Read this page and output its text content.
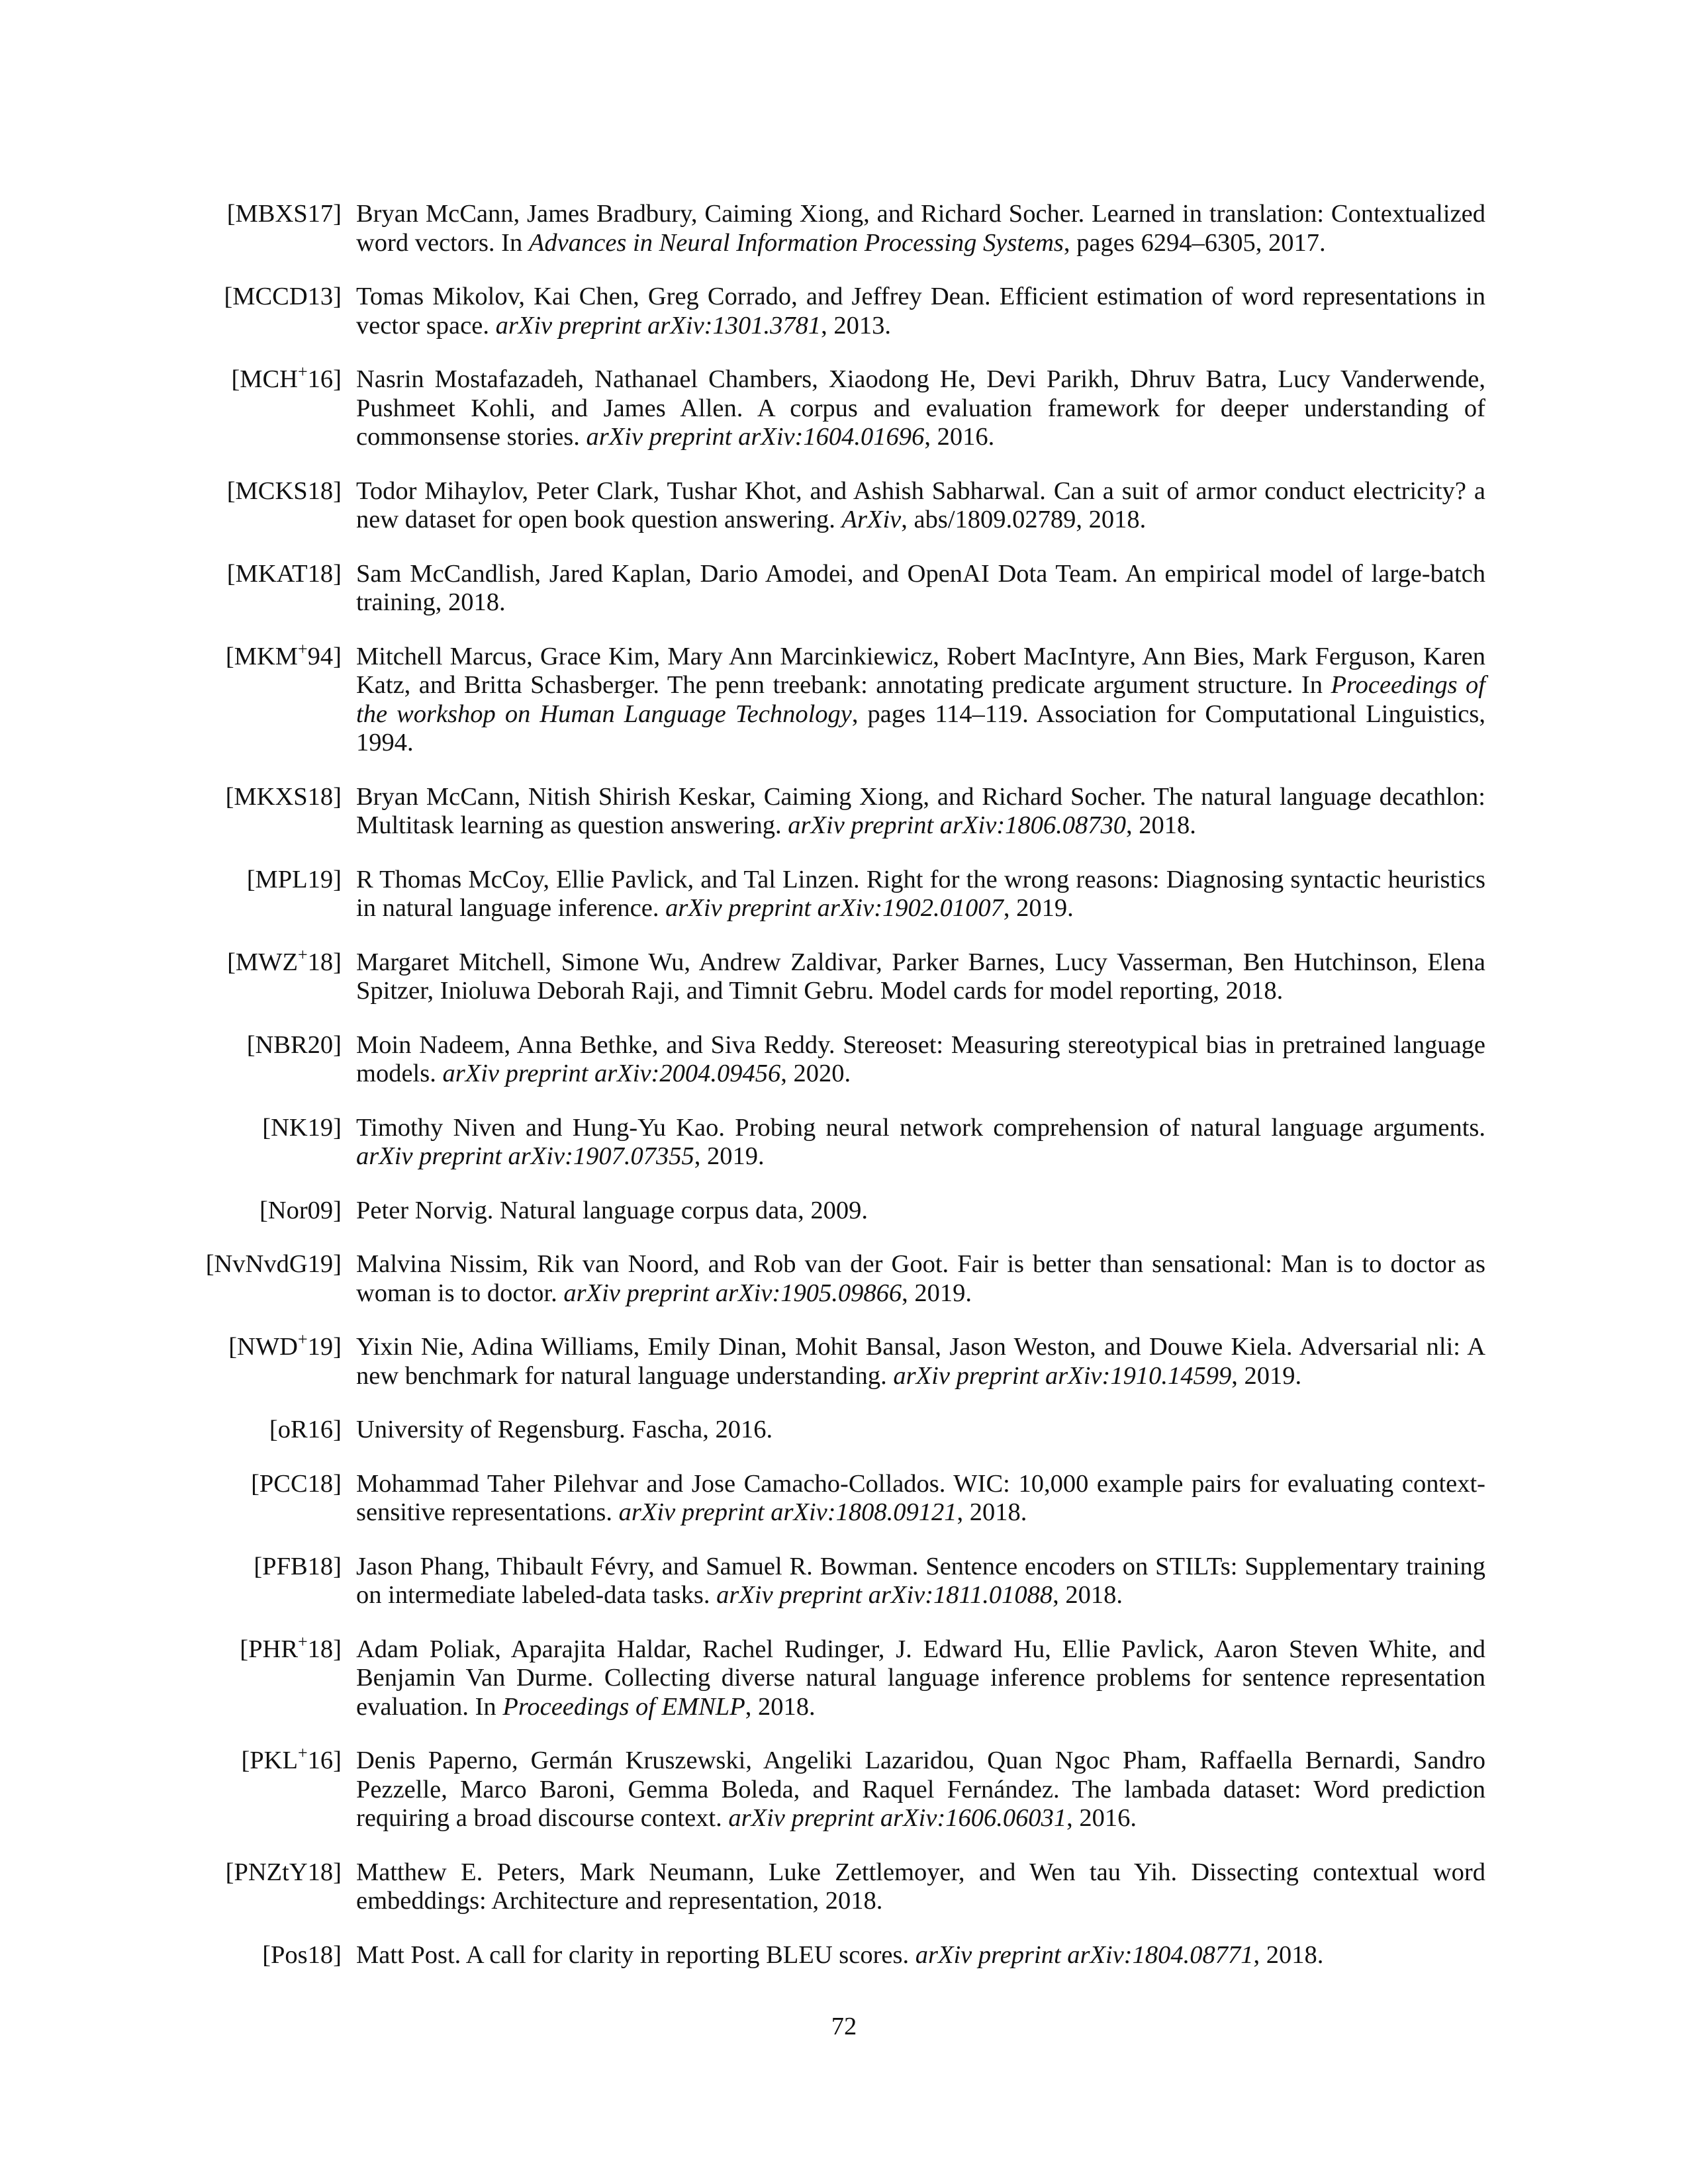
[MBXS17] Bryan McCann, James Bradbury, Caiming Xiong, and Richard Socher. Learned in translation: Contextualized word vectors. In Advances in Neural Information Processing Systems, pages 6294–6305, 2017.
[MCCD13] Tomas Mikolov, Kai Chen, Greg Corrado, and Jeffrey Dean. Efficient estimation of word representations in vector space. arXiv preprint arXiv:1301.3781, 2013.
[MCH+16] Nasrin Mostafazadeh, Nathanael Chambers, Xiaodong He, Devi Parikh, Dhruv Batra, Lucy Vanderwende, Pushmeet Kohli, and James Allen. A corpus and evaluation framework for deeper understanding of commonsense stories. arXiv preprint arXiv:1604.01696, 2016.
[MCKS18] Todor Mihaylov, Peter Clark, Tushar Khot, and Ashish Sabharwal. Can a suit of armor conduct electricity? a new dataset for open book question answering. ArXiv, abs/1809.02789, 2018.
[MKAT18] Sam McCandlish, Jared Kaplan, Dario Amodei, and OpenAI Dota Team. An empirical model of large-batch training, 2018.
[MKM+94] Mitchell Marcus, Grace Kim, Mary Ann Marcinkiewicz, Robert MacIntyre, Ann Bies, Mark Ferguson, Karen Katz, and Britta Schasberger. The penn treebank: annotating predicate argument structure. In Proceedings of the workshop on Human Language Technology, pages 114–119. Association for Computational Linguistics, 1994.
[MKXS18] Bryan McCann, Nitish Shirish Keskar, Caiming Xiong, and Richard Socher. The natural language decathlon: Multitask learning as question answering. arXiv preprint arXiv:1806.08730, 2018.
[MPL19] R Thomas McCoy, Ellie Pavlick, and Tal Linzen. Right for the wrong reasons: Diagnosing syntactic heuristics in natural language inference. arXiv preprint arXiv:1902.01007, 2019.
[MWZ+18] Margaret Mitchell, Simone Wu, Andrew Zaldivar, Parker Barnes, Lucy Vasserman, Ben Hutchinson, Elena Spitzer, Inioluwa Deborah Raji, and Timnit Gebru. Model cards for model reporting, 2018.
[NBR20] Moin Nadeem, Anna Bethke, and Siva Reddy. Stereoset: Measuring stereotypical bias in pretrained language models. arXiv preprint arXiv:2004.09456, 2020.
[NK19] Timothy Niven and Hung-Yu Kao. Probing neural network comprehension of natural language arguments. arXiv preprint arXiv:1907.07355, 2019.
[Nor09] Peter Norvig. Natural language corpus data, 2009.
[NvNvdG19] Malvina Nissim, Rik van Noord, and Rob van der Goot. Fair is better than sensational: Man is to doctor as woman is to doctor. arXiv preprint arXiv:1905.09866, 2019.
[NWD+19] Yixin Nie, Adina Williams, Emily Dinan, Mohit Bansal, Jason Weston, and Douwe Kiela. Adversarial nli: A new benchmark for natural language understanding. arXiv preprint arXiv:1910.14599, 2019.
[oR16] University of Regensburg. Fascha, 2016.
[PCC18] Mohammad Taher Pilehvar and Jose Camacho-Collados. WIC: 10,000 example pairs for evaluating context-sensitive representations. arXiv preprint arXiv:1808.09121, 2018.
[PFB18] Jason Phang, Thibault Févry, and Samuel R. Bowman. Sentence encoders on STILTs: Supplementary training on intermediate labeled-data tasks. arXiv preprint arXiv:1811.01088, 2018.
[PHR+18] Adam Poliak, Aparajita Haldar, Rachel Rudinger, J. Edward Hu, Ellie Pavlick, Aaron Steven White, and Benjamin Van Durme. Collecting diverse natural language inference problems for sentence representation evaluation. In Proceedings of EMNLP, 2018.
[PKL+16] Denis Paperno, Germán Kruszewski, Angeliki Lazaridou, Quan Ngoc Pham, Raffaella Bernardi, Sandro Pezzelle, Marco Baroni, Gemma Boleda, and Raquel Fernández. The lambada dataset: Word prediction requiring a broad discourse context. arXiv preprint arXiv:1606.06031, 2016.
[PNZtY18] Matthew E. Peters, Mark Neumann, Luke Zettlemoyer, and Wen tau Yih. Dissecting contextual word embeddings: Architecture and representation, 2018.
[Pos18] Matt Post. A call for clarity in reporting BLEU scores. arXiv preprint arXiv:1804.08771, 2018.
72
